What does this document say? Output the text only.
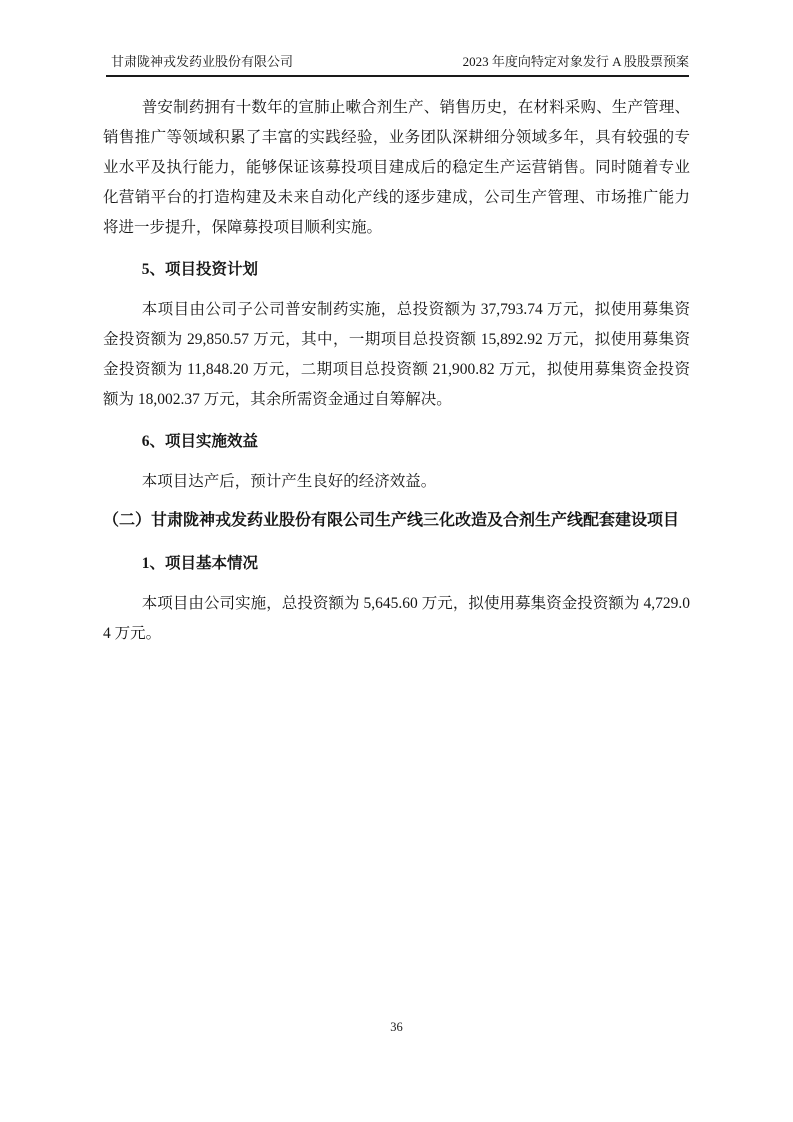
甘肃陇神戎发药业股份有限公司	2023 年度向特定对象发行 A 股股票预案

普安制药拥有十数年的宣肺止嗽合剂生产、销售历史，在材料采购、生产管理、销售推广等领域积累了丰富的实践经验，业务团队深耕细分领域多年，具有较强的专业水平及执行能力，能够保证该募投项目建成后的稳定生产运营销售。同时随着专业化营销平台的打造构建及未来自动化产线的逐步建成，公司生产管理、市场推广能力将进一步提升，保障募投项目顺利实施。

5、项目投资计划

本项目由公司子公司普安制药实施，总投资额为 37,793.74 万元，拟使用募集资金投资额为 29,850.57 万元，其中，一期项目总投资额 15,892.92 万元，拟使用募集资金投资额为 11,848.20 万元，二期项目总投资额 21,900.82 万元，拟使用募集资金投资额为 18,002.37 万元，其余所需资金通过自筹解决。

6、项目实施效益

本项目达产后，预计产生良好的经济效益。

（二）甘肃陇神戎发药业股份有限公司生产线三化改造及合剂生产线配套建设项目
1、项目基本情况

本项目由公司实施，总投资额为 5,645.60 万元，拟使用募集资金投资额为 4,729.04 万元。

36
